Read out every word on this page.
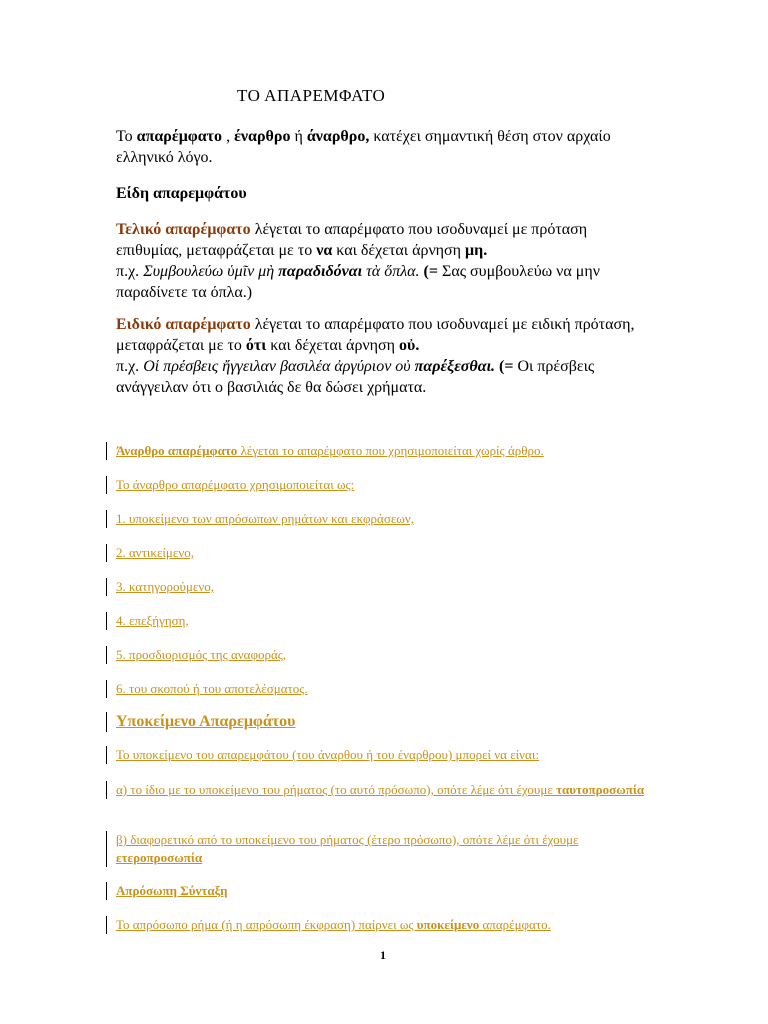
ΤΟ ΑΠΑΡΕΜΦΑΤΟ
Το απαρέμφατο , έναρθρο ή άναρθρο, κατέχει σημαντική θέση στον αρχαίο ελληνικό λόγο.
Είδη απαρεμφάτου
Τελικό απαρέμφατο λέγεται το απαρέμφατο που ισοδυναμεί με πρόταση επιθυμίας, μεταφράζεται με το να και δέχεται άρνηση μη.
π.χ. Συμβουλεύω ὑμῖν μὴ παραδιδόναι τὰ ὅπλα. (= Σας συμβουλεύω να μην παραδίνετε τα όπλα.)
Ειδικό απαρέμφατο λέγεται το απαρέμφατο που ισοδυναμεί με ειδική πρόταση, μεταφράζεται με το ότι και δέχεται άρνηση οὐ.
π.χ. Οἱ πρέσβεις ἤγγειλαν βασιλέα ἀργύριον οὐ παρέξεσθαι. (= Οι πρέσβεις ανάγγειλαν ότι ο βασιλιάς δε θα δώσει χρήματα.
Άναρθρο απαρέμφατο λέγεται το απαρέμφατο που χρησιμοποιείται χωρίς άρθρο.
Το άναρθρο απαρέμφατο χρησιμοποιείται ως:
1. υποκείμενο των απρόσωπων ρημάτων και εκφράσεων,
2. αντικείμενο,
3. κατηγορούμενο,
4. επεξήγηση,
5. προσδιορισμός της αναφοράς,
6. του σκοπού ή του αποτελέσματος.
Υποκείμενο Απαρεμφάτου
Το υποκείμενο του απαρεμφάτου (του άναρθου ή του έναρθρου) μπορεί να είναι:
α) το ίδιο με το υποκείμενο του ρήματος (το αυτό πρόσωπο), οπότε λέμε ότι έχουμε ταυτοπροσωπία
β) διαφορετικό από το υποκείμενο του ρήματος (έτερο πρόσωπο), οπότε λέμε ότι έχουμε ετεροπροσωπία
Απρόσωπη Σύνταξη
Το απρόσωπο ρήμα (ή η απρόσωπη έκφραση) παίρνει ως υποκείμενο απαρέμφατο.
1
